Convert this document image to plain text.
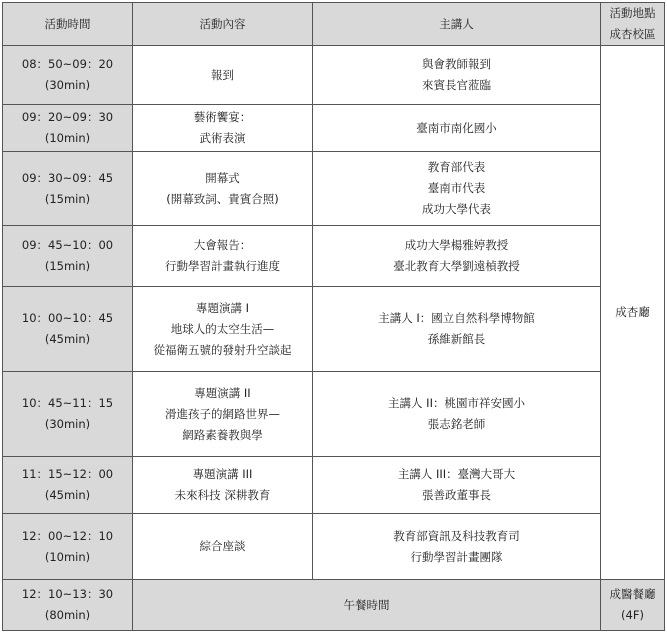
活動時間	活動內容	主講人	活動地點
成杏校區

08：50~09：20
(30min)	報到	與會教師報到
來賓長官蒞臨	成杏廳

09：20~09：30
(10min)	藝術饗宴：
武術表演	臺南市南化國小	

09：30~09：45
(15min)	開幕式
(開幕致詞、貴賓合照)	教育部代表
臺南市代表
成功大學代表	

09：45~10：00
(15min)	大會報告：
行動學習計畫執行進度	成功大學楊雅婷教授
臺北教育大學劉遠楨教授	

10：00~10：45
(45min)	專題演講 I
地球人的太空生活—
從福衛五號的發射升空談起	主講人 I：國立自然科學博物館
孫維新館長	

10：45~11：15
(30min)	專題演講 II
滑進孩子的網路世界—
網路素養教與學	主講人 II：桃園市祥安國小
張志銘老師	

11：15~12：00
(45min)	專題演講 III
未來科技 深耕教育	主講人 III：臺灣大哥大
張善政董事長	

12：00~12：10
(10min)	綜合座談	教育部資訊及科技教育司
行動學習計畫團隊	

12：10~13：30
(80min)	午餐時間		成醫餐廳
(4F)
